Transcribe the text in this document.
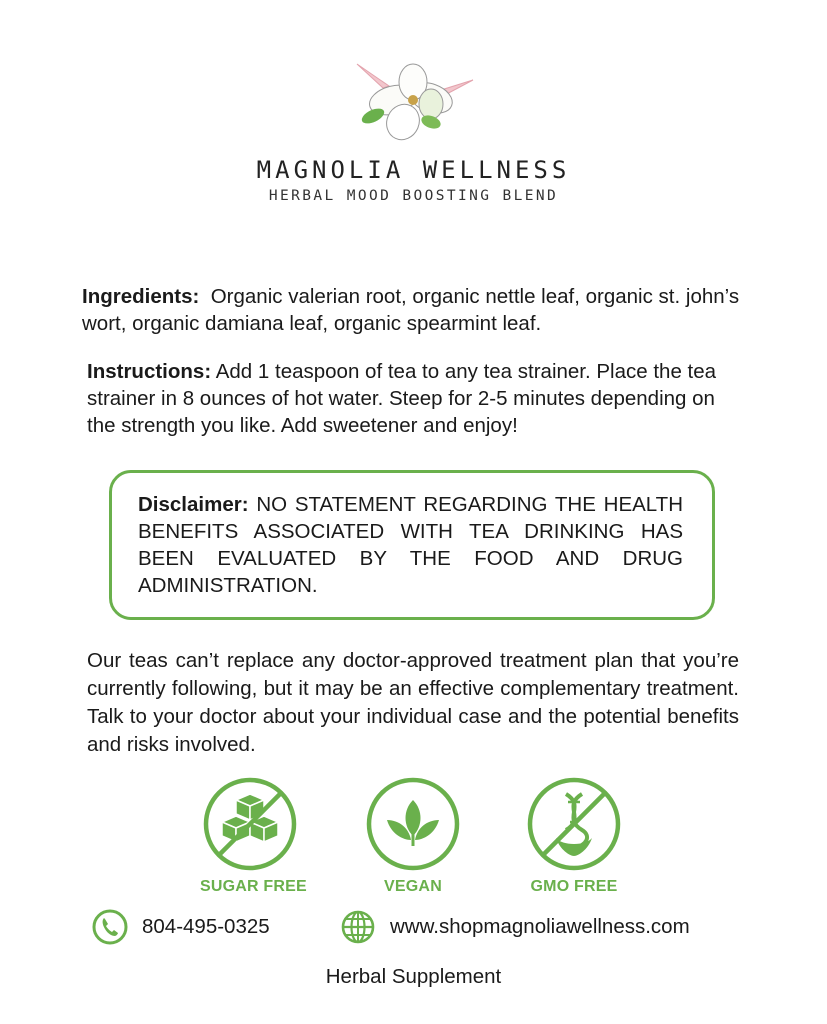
MAGNOLIA WELLNESS
HERBAL MOOD BOOSTING BLEND

Ingredients: Organic valerian root, organic nettle leaf, organic st. john’s wort, organic damiana leaf, organic spearmint leaf.

Instructions: Add 1 teaspoon of tea to any tea strainer. Place the tea strainer in 8 ounces of hot water. Steep for 2-5 minutes depending on the strength you like. Add sweetener and enjoy!

Disclaimer: NO STATEMENT REGARDING THE HEALTH BENEFITS ASSOCIATED WITH TEA DRINKING HAS BEEN EVALUATED BY THE FOOD AND DRUG ADMINISTRATION.

Our teas can’t replace any doctor-approved treatment plan that you’re currently following, but it may be an effective complementary treatment. Talk to your doctor about your individual case and the potential benefits and risks involved.

SUGAR FREE	VEGAN	GMO FREE
804-495-0325	www.shopmagnoliawellness.com
Herbal Supplement
